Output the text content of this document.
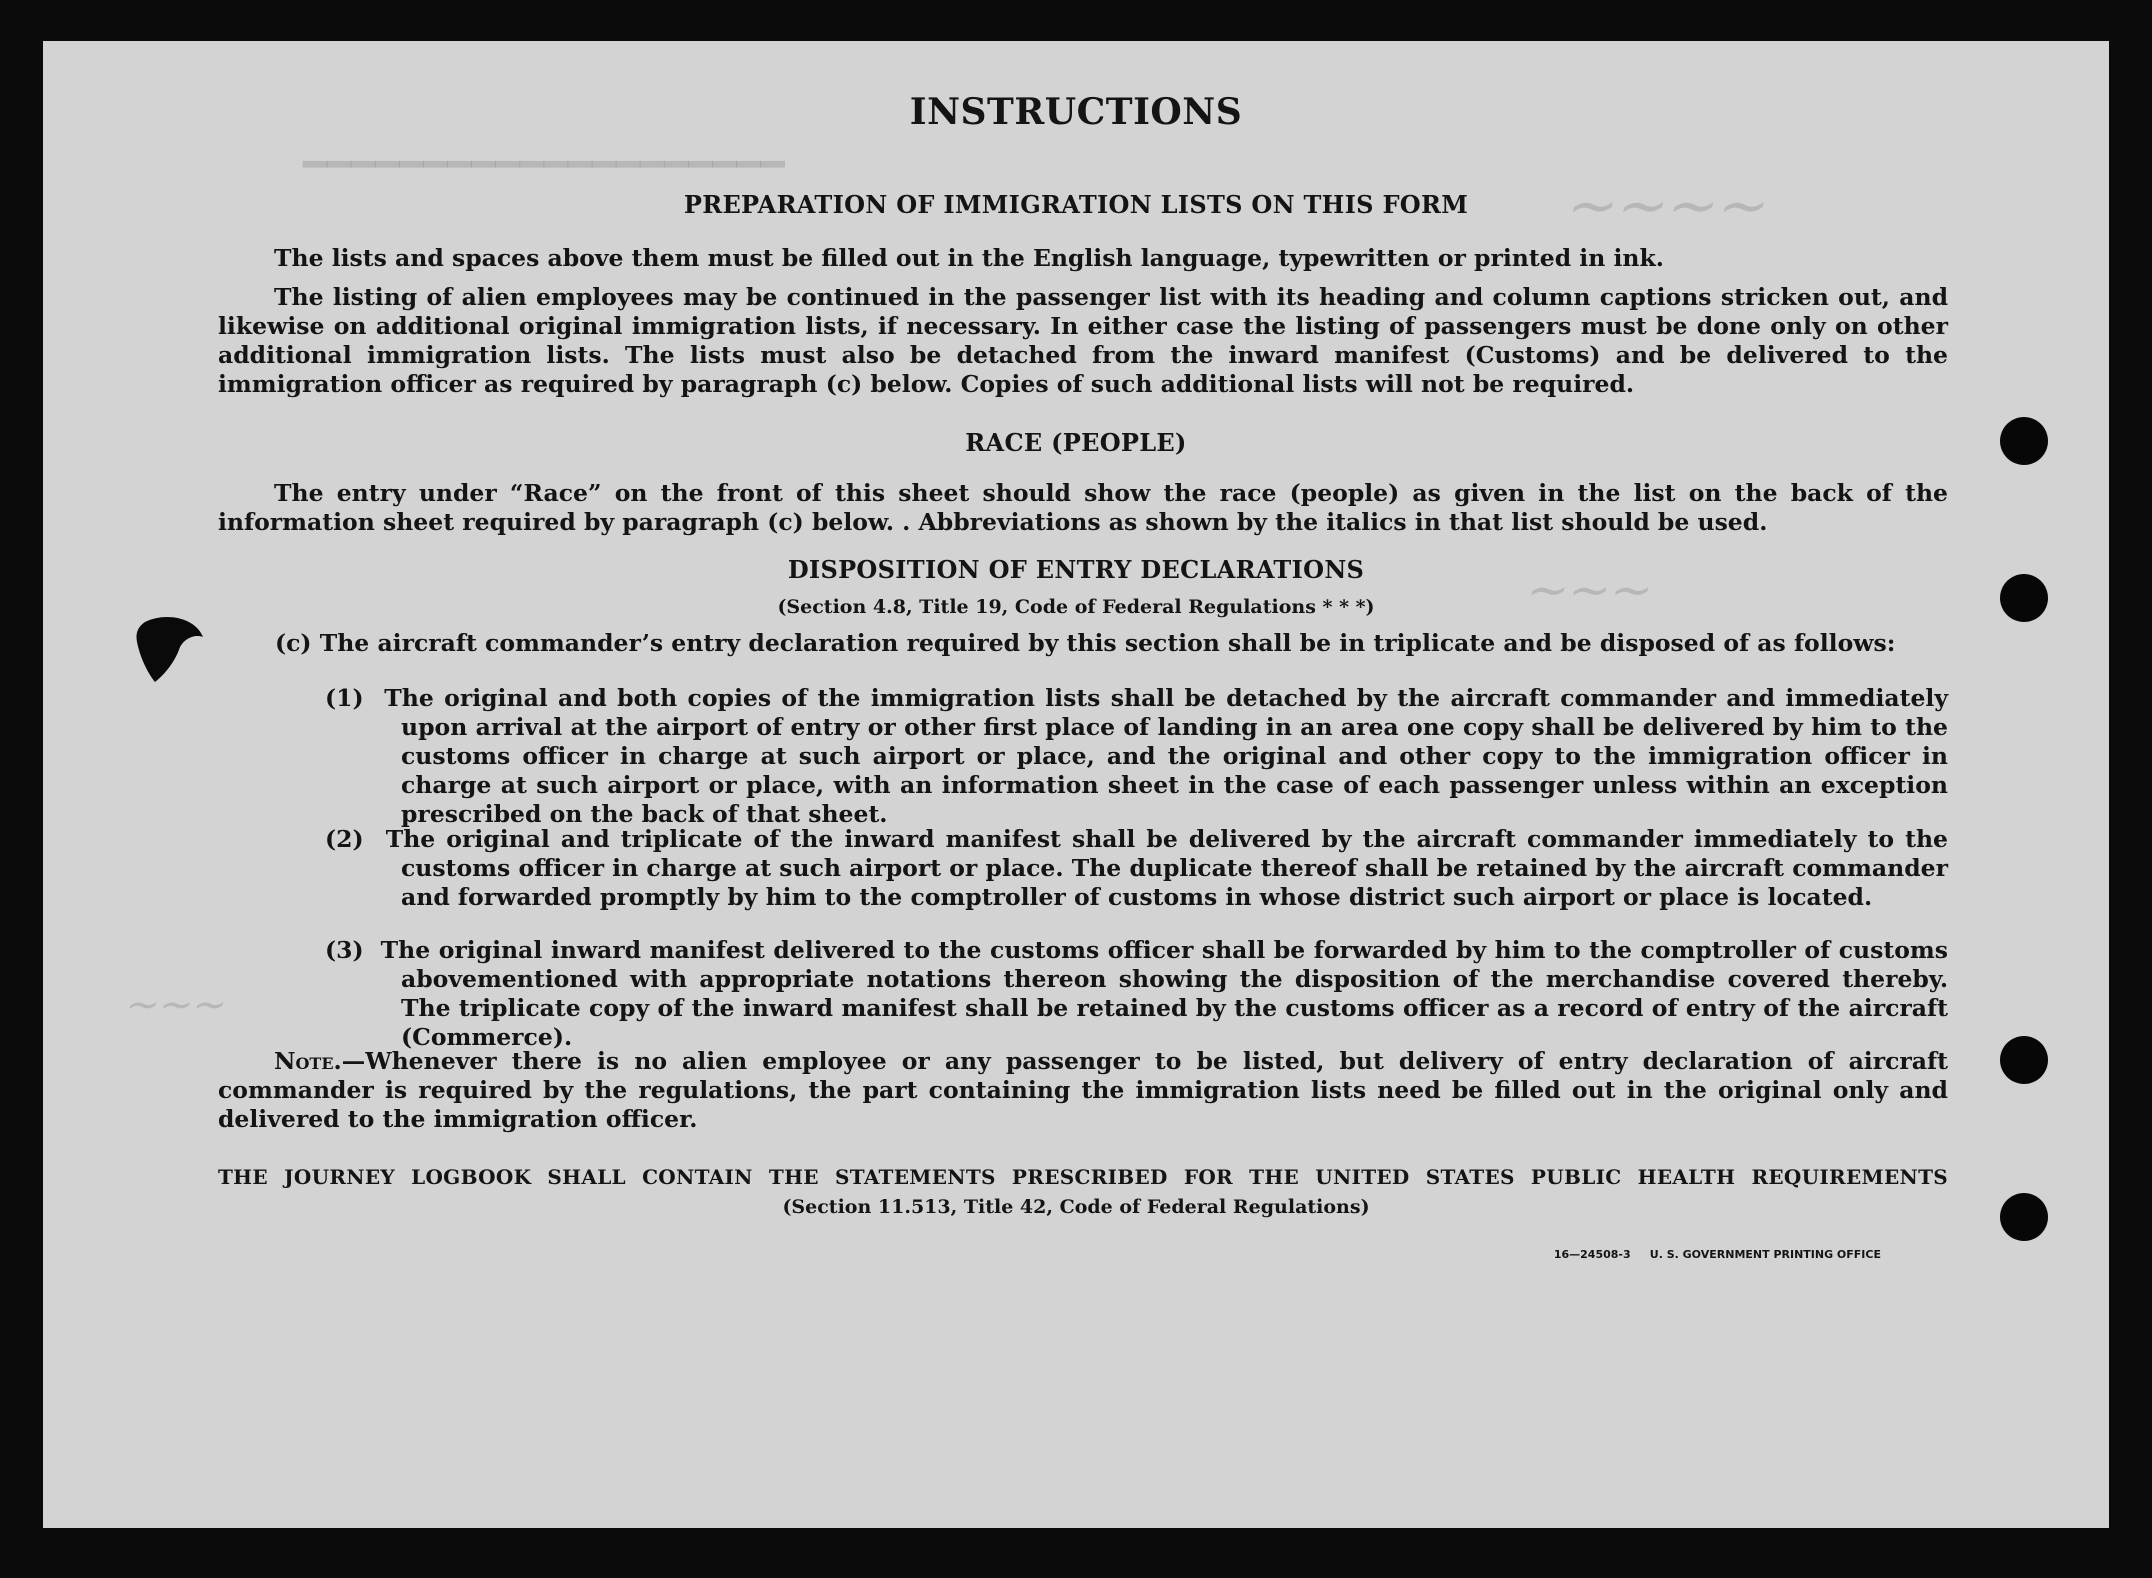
━━━━━━━━━━━━━━━━━━━━
∼∼∼∼
∼∼∼
∼∼∼
INSTRUCTIONS
PREPARATION OF IMMIGRATION LISTS ON THIS FORM

The lists and spaces above them must be filled out in the English language, typewritten or printed in ink.

The listing of alien employees may be continued in the passenger list with its heading and column captions stricken out, and likewise on additional original immigration lists, if necessary. In either case the listing of passengers must be done only on other additional immigration lists. The lists must also be detached from the inward manifest (Customs) and be delivered to the immigration officer as required by paragraph (c) below. Copies of such additional lists will not be required.

RACE (PEOPLE)

The entry under “Race” on the front of this sheet should show the race (people) as given in the list on the back of the information sheet required by paragraph (c) below. . Abbreviations as shown by the italics in that list should be used.

DISPOSITION OF ENTRY DECLARATIONS
(Section 4.8, Title 19, Code of Federal Regulations * * *)

(c) The aircraft commander’s entry declaration required by this section shall be in triplicate and be disposed of as follows:

(1) The original and both copies of the immigration lists shall be detached by the aircraft commander and immediately upon arrival at the airport of entry or other first place of landing in an area one copy shall be delivered by him to the customs officer in charge at such airport or place, and the original and other copy to the immigration officer in charge at such airport or place, with an information sheet in the case of each passenger unless within an exception prescribed on the back of that sheet.

(2) The original and triplicate of the inward manifest shall be delivered by the aircraft commander immediately to the customs officer in charge at such airport or place. The duplicate thereof shall be retained by the aircraft commander and forwarded promptly by him to the comptroller of customs in whose district such airport or place is located.

(3) The original inward manifest delivered to the customs officer shall be forwarded by him to the comptroller of customs abovementioned with appropriate notations thereon showing the disposition of the merchandise covered thereby. The triplicate copy of the inward manifest shall be retained by the customs officer as a record of entry of the aircraft (Commerce).

Note.—Whenever there is no alien employee or any passenger to be listed, but delivery of entry declaration of aircraft commander is required by the regulations, the part containing the immigration lists need be filled out in the original only and delivered to the immigration officer.

THE JOURNEY LOGBOOK SHALL CONTAIN THE STATEMENTS PRESCRIBED FOR THE UNITED STATES PUBLIC HEALTH REQUIREMENTS
(Section 11.513, Title 42, Code of Federal Regulations)
16—24508-3 U. S. GOVERNMENT PRINTING OFFICE
